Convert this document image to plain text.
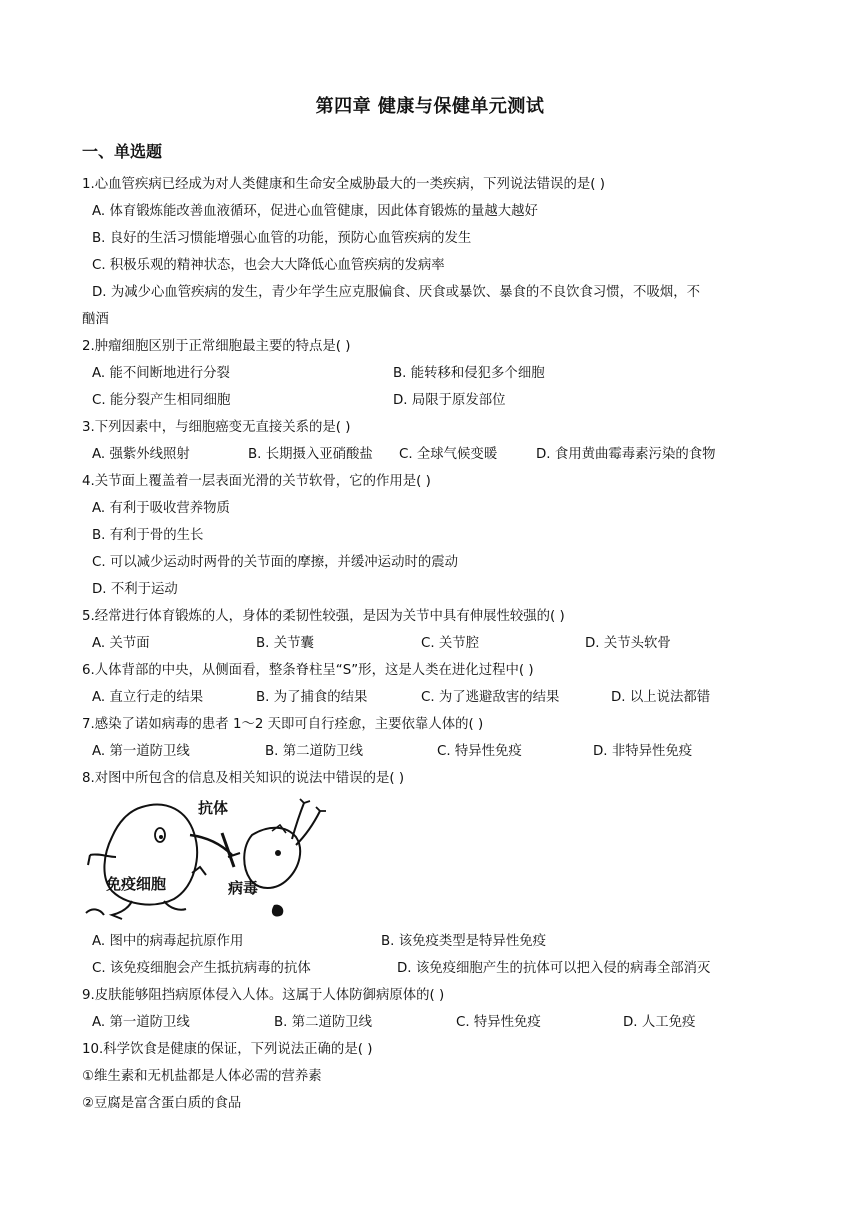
第四章 健康与保健单元测试
一、单选题
1.心血管疾病已经成为对人类健康和生命安全威胁最大的一类疾病，下列说法错误的是( )
A. 体育锻炼能改善血液循环，促进心血管健康，因此体育锻炼的量越大越好
B. 良好的生活习惯能增强心血管的功能，预防心血管疾病的发生
C. 积极乐观的精神状态，也会大大降低心血管疾病的发病率
D. 为减少心血管疾病的发生，青少年学生应克服偏食、厌食或暴饮、暴食的不良饮食习惯，不吸烟，不
酗酒
2.肿瘤细胞区别于正常细胞最主要的特点是( )
A. 能不间断地进行分裂	B. 能转移和侵犯多个细胞
C. 能分裂产生相同细胞	D. 局限于原发部位
3.下列因素中，与细胞癌变无直接关系的是( )
A. 强紫外线照射	B. 长期摄入亚硝酸盐 C. 全球气候变暖	D. 食用黄曲霉毒素污染的食物
4.关节面上覆盖着一层表面光滑的关节软骨，它的作用是( )
A. 有利于吸收营养物质
B. 有利于骨的生长
C. 可以减少运动时两骨的关节面的摩擦，并缓冲运动时的震动
D. 不利于运动
5.经常进行体育锻炼的人，身体的柔韧性较强，是因为关节中具有伸展性较强的( )
A. 关节面	B. 关节囊	C. 关节腔	D. 关节头软骨
6.人体背部的中央，从侧面看，整条脊柱呈“S”形，这是人类在进化过程中( )
A. 直立行走的结果	B. 为了捕食的结果	C. 为了逃避敌害的结果	D. 以上说法都错
7.感染了诺如病毒的患者 1～2 天即可自行痊愈，主要依靠人体的( )
A. 第一道防卫线	B. 第二道防卫线	C. 特异性免疫	D. 非特异性免疫
8.对图中所包含的信息及相关知识的说法中错误的是( )
抗体
免疫细胞	病毒
A. 图中的病毒起抗原作用	B. 该免疫类型是特异性免疫
C. 该免疫细胞会产生抵抗病毒的抗体	D. 该免疫细胞产生的抗体可以把入侵的病毒全部消灭
9.皮肤能够阻挡病原体侵入人体。这属于人体防御病原体的( )
A. 第一道防卫线	B. 第二道防卫线	C. 特异性免疫	D. 人工免疫
10.科学饮食是健康的保证，下列说法正确的是( )
①维生素和无机盐都是人体必需的营养素
②豆腐是富含蛋白质的食品
